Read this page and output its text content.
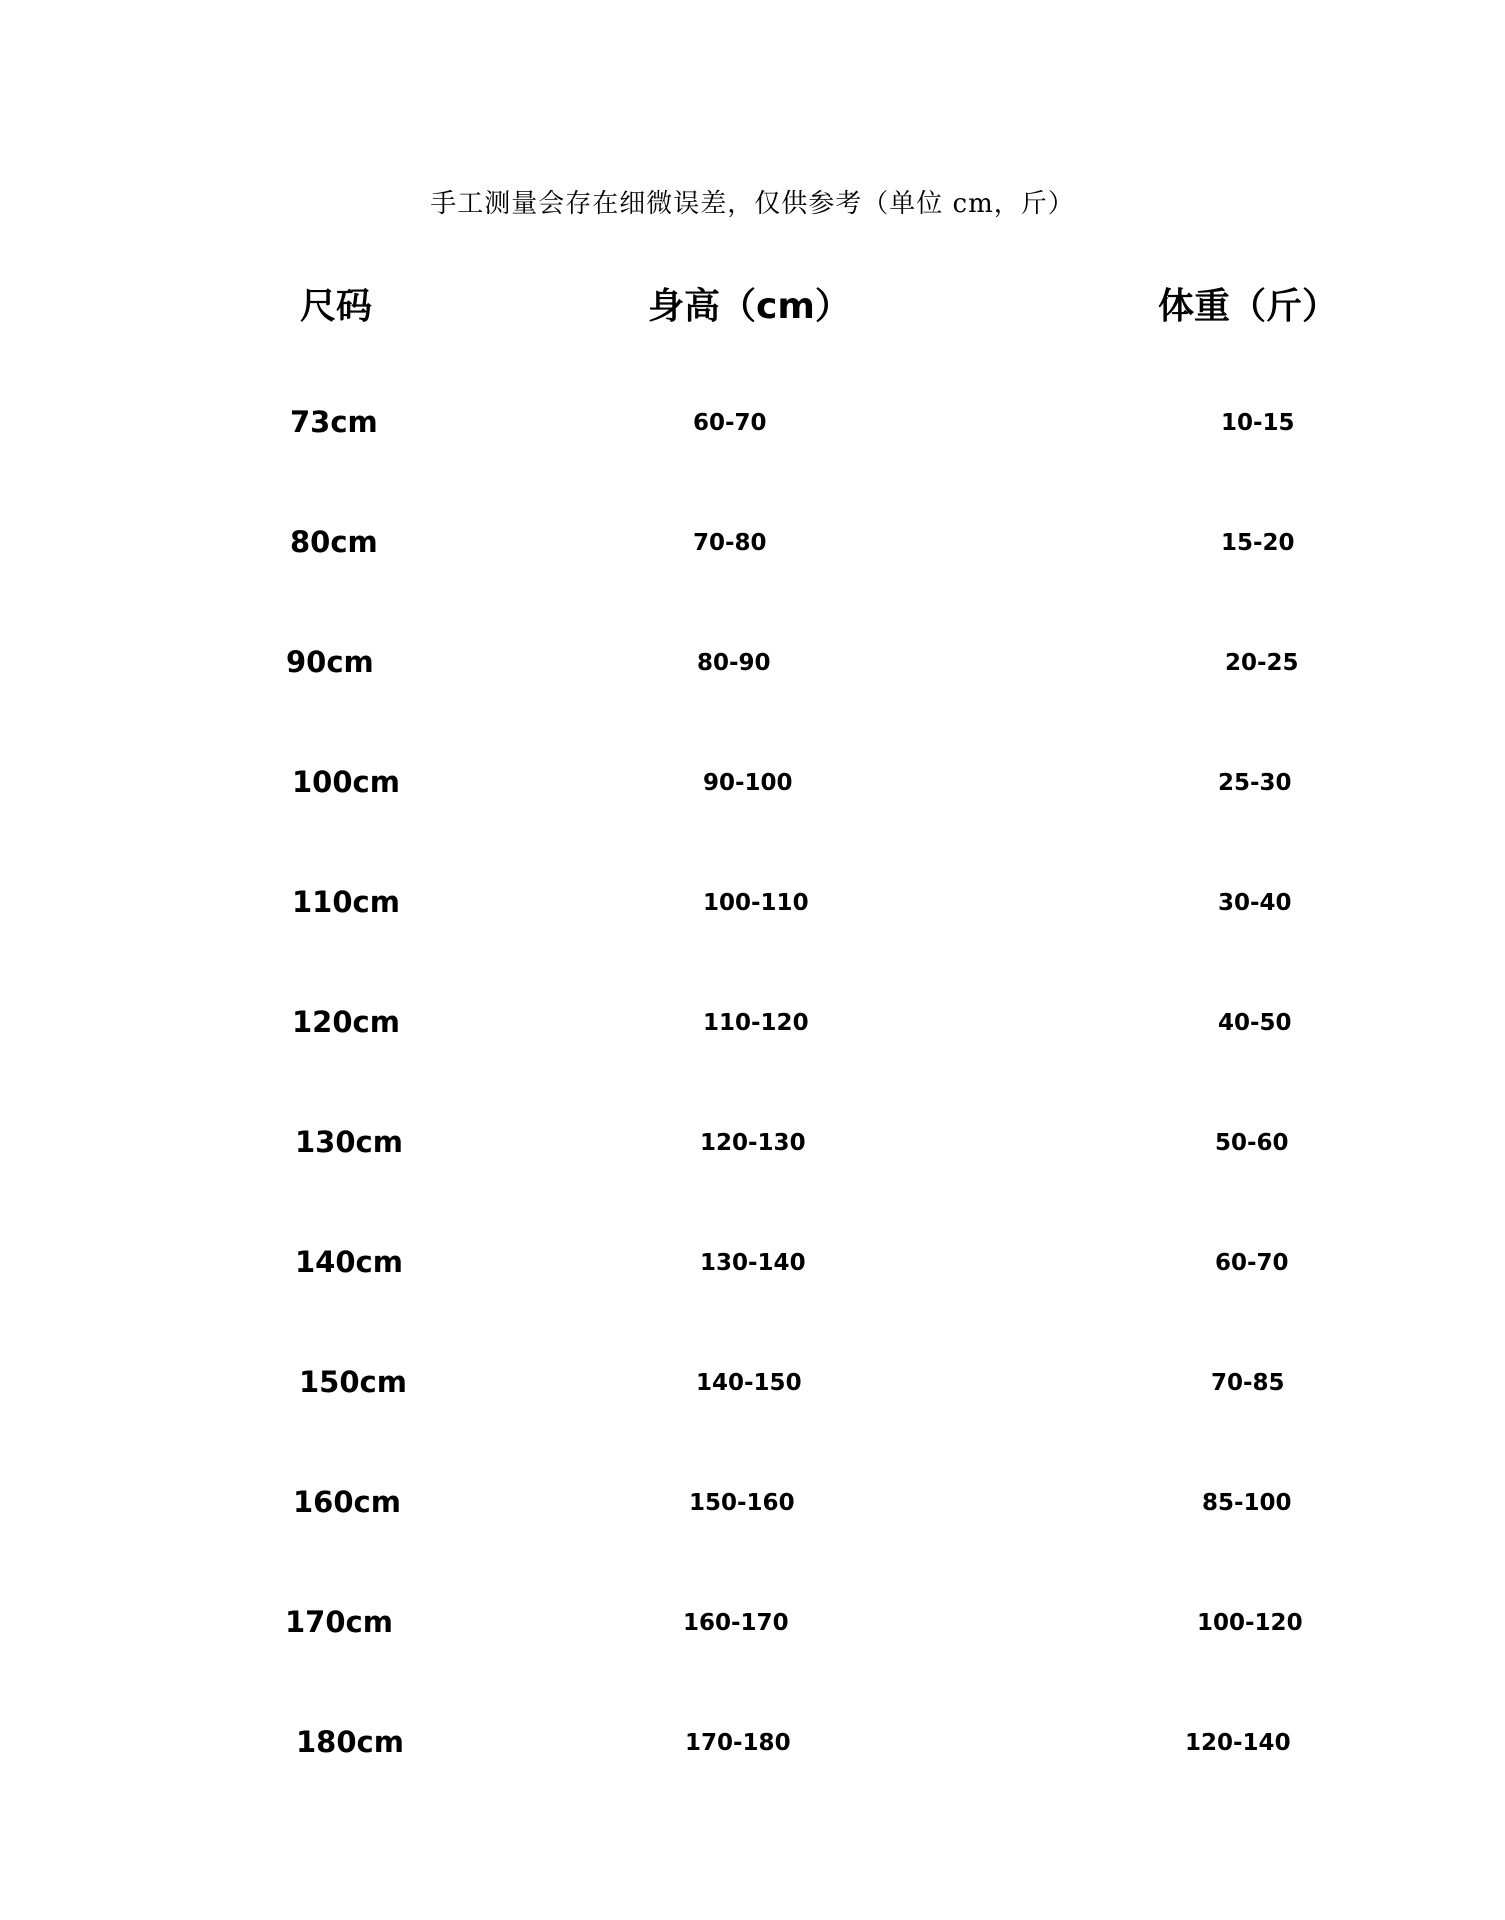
手工测量会存在细微误差，仅供参考（单位 cm，斤）
尺码	身高（cm）	体重（斤）
73cm	60-70	10-15
80cm	70-80	15-20
90cm	80-90	20-25
100cm	90-100	25-30
110cm	100-110	30-40
120cm	110-120	40-50
130cm	120-130	50-60
140cm	130-140	60-70
150cm	140-150	70-85
160cm	150-160	85-100
170cm	160-170	100-120
180cm	170-180	120-140
